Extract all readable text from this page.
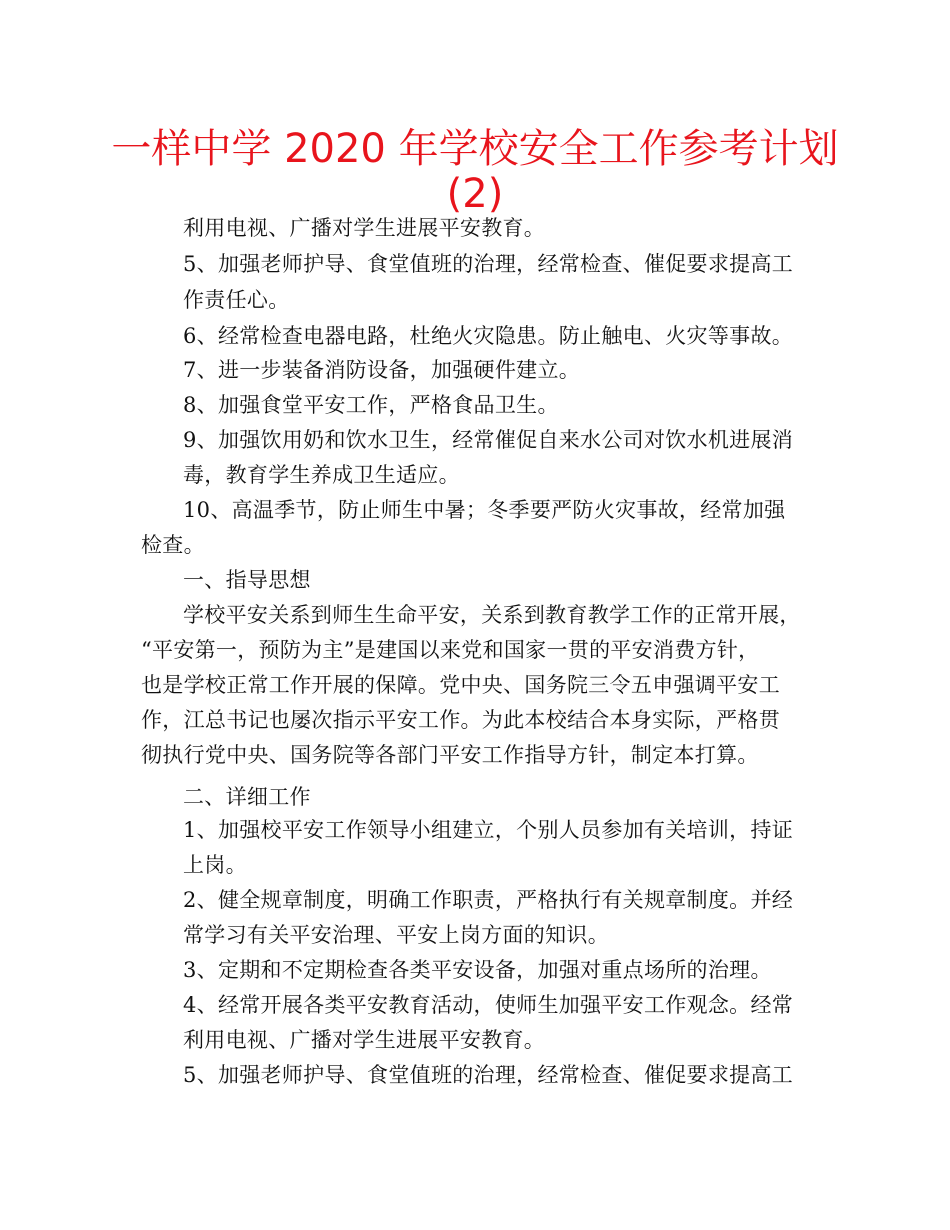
一样中学 2020 年学校安全工作参考计划
(2)
利用电视、广播对学生进展平安教育。
5、加强老师护导、食堂值班的治理，经常检查、催促要求提高工
作责任心。
6、经常检查电器电路，杜绝火灾隐患。防止触电、火灾等事故。
7、进一步装备消防设备，加强硬件建立。
8、加强食堂平安工作，严格食品卫生。
9、加强饮用奶和饮水卫生，经常催促自来水公司对饮水机进展消
毒，教育学生养成卫生适应。
10、高温季节，防止师生中暑；冬季要严防火灾事故，经常加强
检查。
一、指导思想
学校平安关系到师生生命平安，关系到教育教学工作的正常开展，
“平安第一，预防为主”是建国以来党和国家一贯的平安消费方针，
也是学校正常工作开展的保障。党中央、国务院三令五申强调平安工
作，江总书记也屡次指示平安工作。为此本校结合本身实际，严格贯
彻执行党中央、国务院等各部门平安工作指导方针，制定本打算。
二、详细工作
1、加强校平安工作领导小组建立，个别人员参加有关培训，持证
上岗。
2、健全规章制度，明确工作职责，严格执行有关规章制度。并经
常学习有关平安治理、平安上岗方面的知识。
3、定期和不定期检查各类平安设备，加强对重点场所的治理。
4、经常开展各类平安教育活动，使师生加强平安工作观念。经常
利用电视、广播对学生进展平安教育。
5、加强老师护导、食堂值班的治理，经常检查、催促要求提高工
